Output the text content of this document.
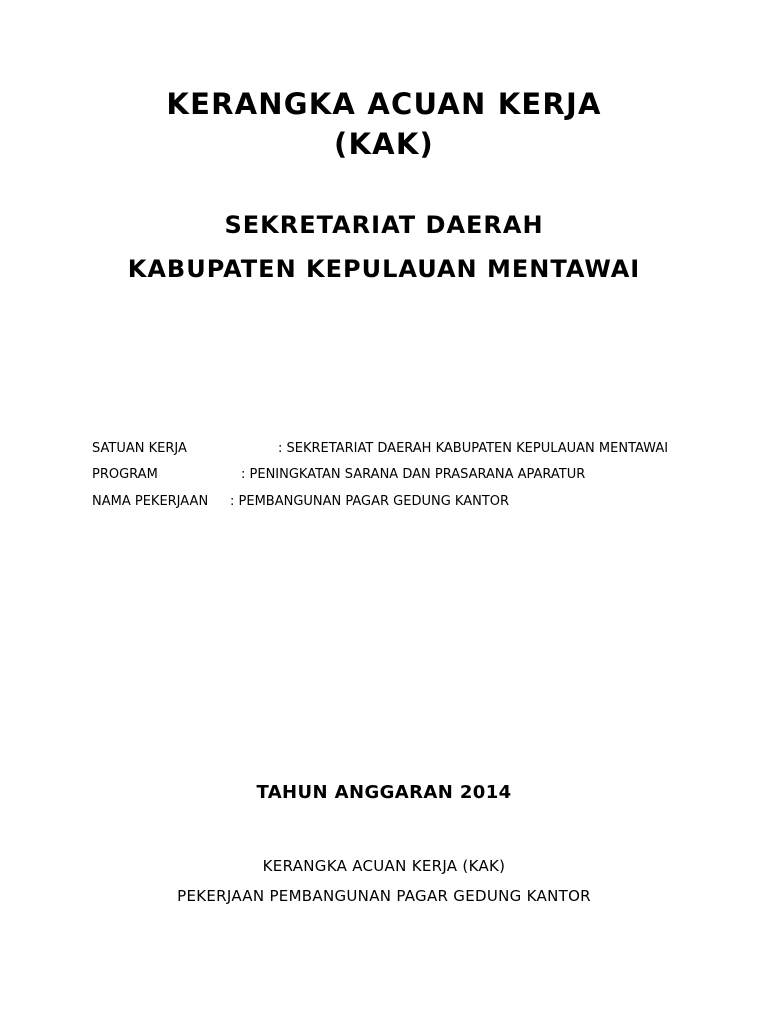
KERANGKA ACUAN KERJA
(KAK)
SEKRETARIAT DAERAH
KABUPATEN KEPULAUAN MENTAWAI
SATUAN KERJA	: SEKRETARIAT DAERAH KABUPATEN KEPULAUAN MENTAWAI
PROGRAM	: PENINGKATAN SARANA DAN PRASARANA APARATUR
NAMA PEKERJAAN : PEMBANGUNAN PAGAR GEDUNG KANTOR
TAHUN ANGGARAN 2014
KERANGKA ACUAN KERJA (KAK)
PEKERJAAN PEMBANGUNAN PAGAR GEDUNG KANTOR
